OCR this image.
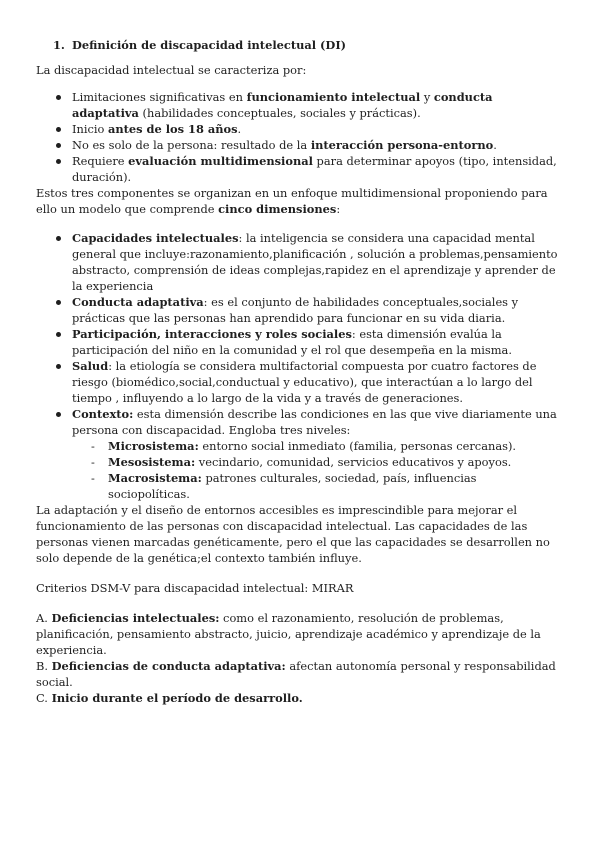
1. Definición de discapacidad intelectual (DI)

La discapacidad intelectual se caracteriza por:

Limitaciones significativas en funcionamiento intelectual y conducta adaptativa (habilidades conceptuales, sociales y prácticas).
Inicio antes de los 18 años.
No es solo de la persona: resultado de la interacción persona-entorno.
Requiere evaluación multidimensional para determinar apoyos (tipo, intensidad, duración).

Estos tres componentes se organizan en un enfoque multidimensional proponiendo para ello un modelo que comprende cinco dimensiones:

Capacidades intelectuales: la inteligencia se considera una capacidad mental general que incluye:razonamiento,planificación , solución a problemas,pensamiento abstracto, comprensión de ideas complejas,rapidez en el aprendizaje y aprender de la experiencia
Conducta adaptativa: es el conjunto de habilidades conceptuales,sociales y prácticas que las personas han aprendido para funcionar en su vida diaria.
Participación, interacciones y roles sociales: esta dimensión evalúa la participación del niño en la comunidad y el rol que desempeña en la misma.
Salud: la etiología se considera multifactorial compuesta por cuatro factores de riesgo (biomédico,social,conductual y educativo), que interactúan a lo largo del tiempo , influyendo a lo largo de la vida y a través de generaciones.
Contexto: esta dimensión describe las condiciones en las que vive diariamente una persona con discapacidad. Engloba tres niveles:
- Microsistema: entorno social inmediato (familia, personas cercanas).
- Mesosistema: vecindario, comunidad, servicios educativos y apoyos.
- Macrosistema: patrones culturales, sociedad, país, influencias sociopolíticas.

La adaptación y el diseño de entornos accesibles es imprescindible para mejorar el funcionamiento de las personas con discapacidad intelectual. Las capacidades de las personas vienen marcadas genéticamente, pero el que las capacidades se desarrollen no solo depende de la genética;el contexto también influye.

Criterios DSM-V para discapacidad intelectual: MIRAR

A. Deficiencias intelectuales: como el razonamiento, resolución de problemas, planificación, pensamiento abstracto, juicio, aprendizaje académico y aprendizaje de la experiencia.

B. Deficiencias de conducta adaptativa: afectan autonomía personal y responsabilidad social.

C. Inicio durante el período de desarrollo.
